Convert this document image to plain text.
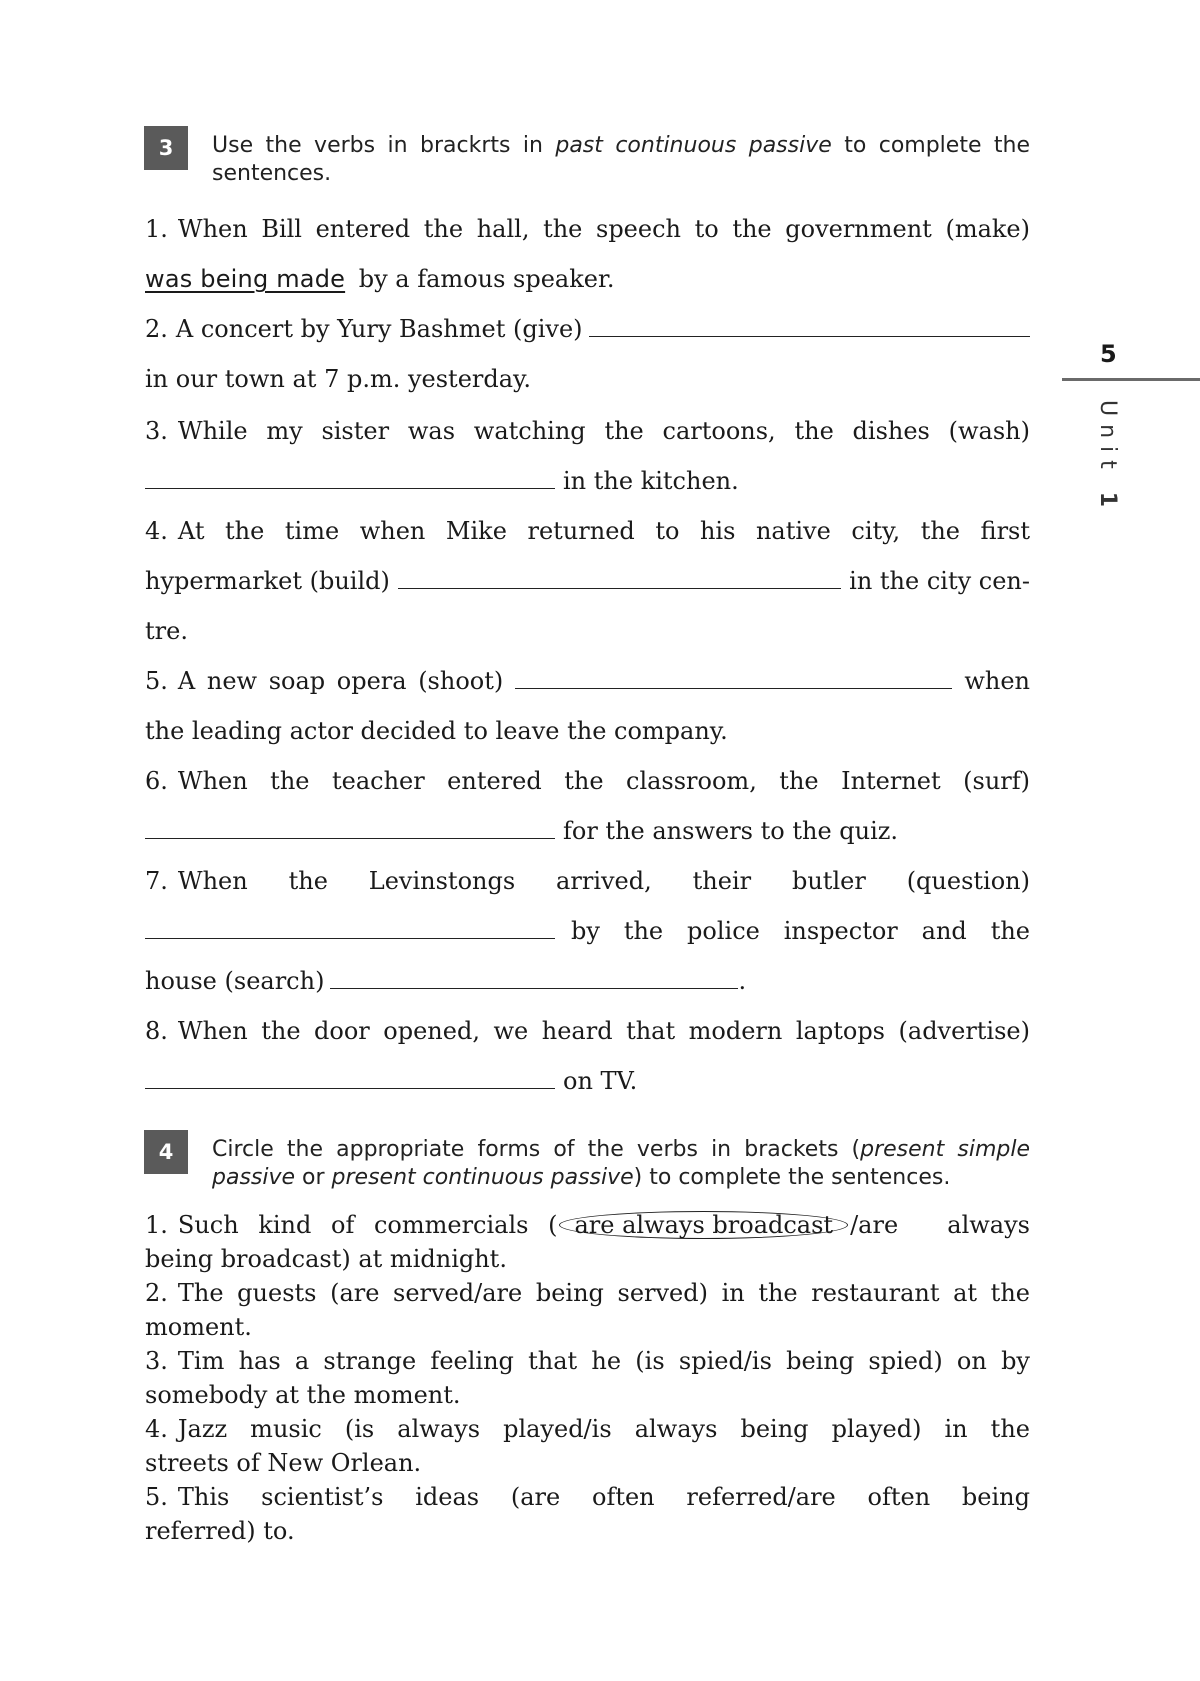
5
Unit 1
3	Use the verbs in brackrts in past continuous passive to complete the sentences.
1. When Bill entered the hall, the speech to the government (make)
was being made by a famous speaker.
2. A concert by Yury Bashmet (give)
in our town at 7 p.m. yesterday.
3. While my sister was watching the cartoons, the dishes (wash)
in the kitchen.
4. At the time when Mike returned to his native city, the first
hypermarket (build)	in the city cen-
tre.
5. A new soap opera (shoot)	when
the leading actor decided to leave the company.
6. When the teacher entered the classroom, the Internet (surf)
for the answers to the quiz.
7. When the Levinstongs arrived, their butler (question)
by the police inspector and the
house (search)	.
8. When the door opened, we heard that modern laptops (advertise)
on TV.
4	Circle the appropriate forms of the verbs in brackets (present simple passive or present continuous passive) to complete the sentences.
1. Such kind of commercials ( are always broadcast /are always
being broadcast) at midnight.
2. The guests (are served/are being served) in the restaurant at the
moment.
3. Tim has a strange feeling that he (is spied/is being spied) on by
somebody at the moment.
4. Jazz music (is always played/is always being played) in the
streets of New Orlean.
5. This scientist’s ideas (are often referred/are often being
referred) to.
